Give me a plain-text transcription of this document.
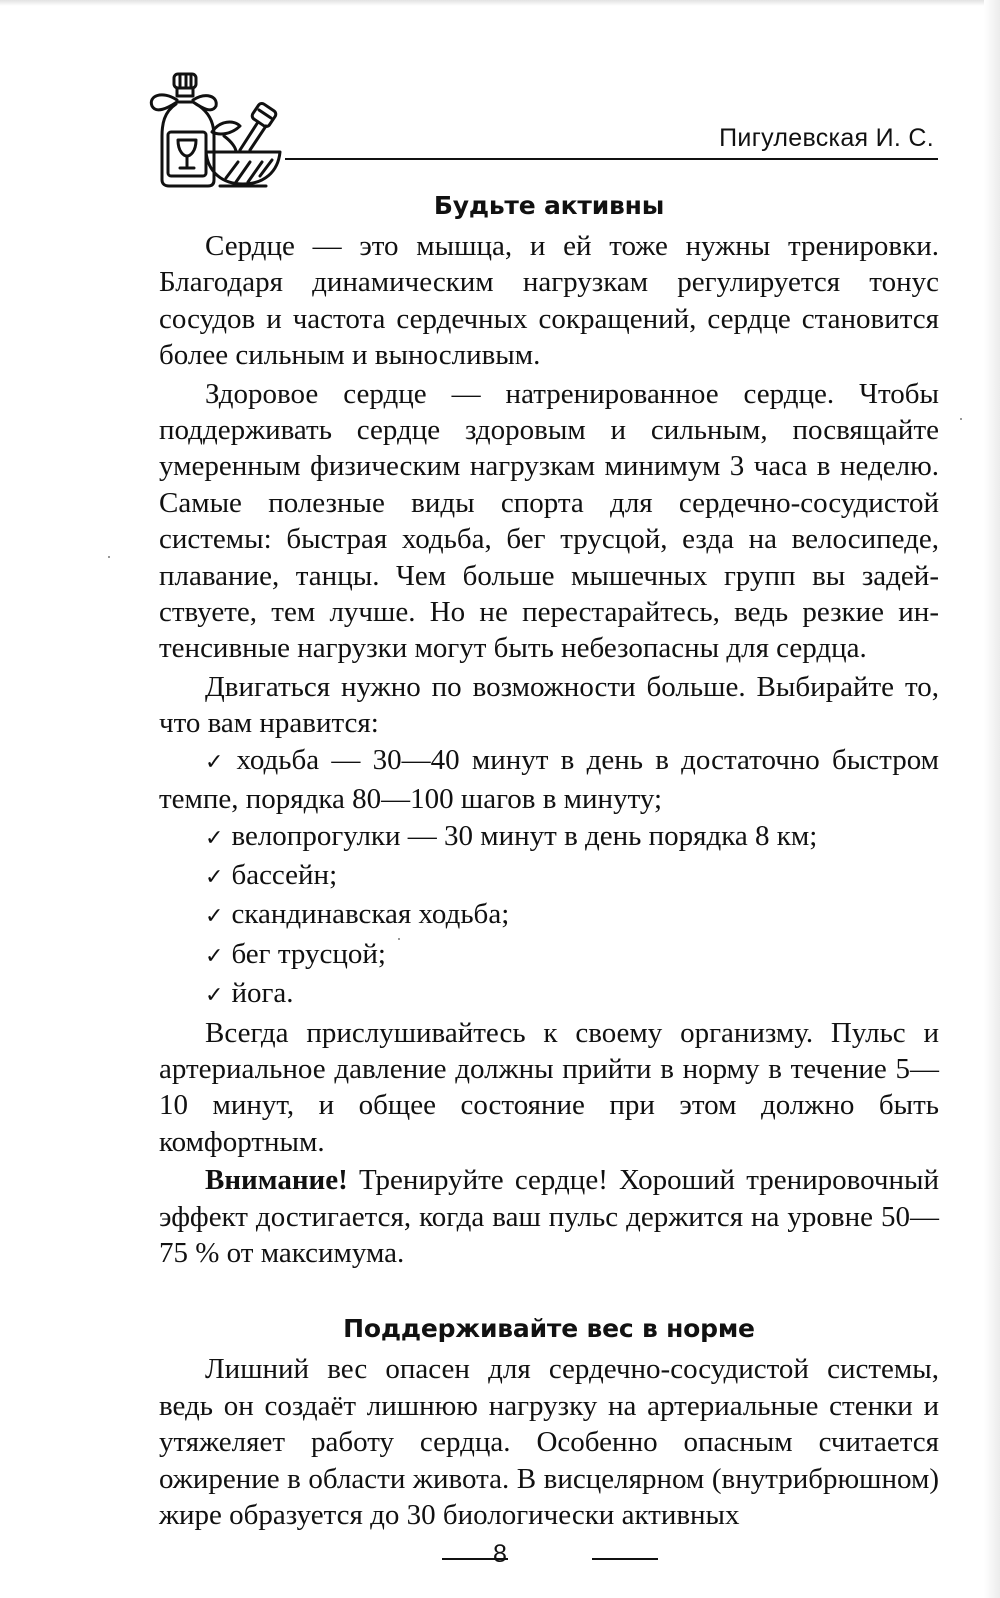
Пигулевская И. С.
Будьте активны

Сердце — это мышца, и ей тоже нужны тренировки. Благодаря динамическим нагрузкам регулируется тонус сосудов и частота сердечных сокращений, сердце становится более сильным и выносливым.

Здоровое сердце — натренированное сердце. Чтобы поддерживать сердце здоровым и сильным, посвящайте умеренным физическим нагрузкам минимум 3 часа в неделю. Самые полезные виды спорта для сердечно-сосудистой системы: быстрая ходьба, бег трусцой, езда на велосипеде, плавание, танцы. Чем больше мышечных групп вы задействуете, тем лучше. Но не перестарайтесь, ведь резкие интенсивные нагрузки могут быть небезопасны для сердца.

Двигаться нужно по возможности больше. Выбирайте то, что вам нравится:

✓ ходьба — 30—40 минут в день в достаточно быстром темпе, порядка 80—100 шагов в минуту;
✓ велопрогулки — 30 минут в день порядка 8 км;
✓ бассейн;
✓ скандинавская ходьба;
✓ бег трусцой;
✓ йога.

Всегда прислушивайтесь к своему организму. Пульс и артериальное давление должны прийти в норму в течение 5—10 минут, и общее состояние при этом должно быть комфортным.

Внимание! Тренируйте сердце! Хороший тренировочный эффект достигается, когда ваш пульс держится на уровне 50—75 % от максимума.

Поддерживайте вес в норме

Лишний вес опасен для сердечно-сосудистой системы, ведь он создаёт лишнюю нагрузку на артериальные стенки и утяжеляет работу сердца. Особенно опасным считается ожирение в области живота. В висцелярном (внутрибрюшном) жире образуется до 30 биологически активных

8
